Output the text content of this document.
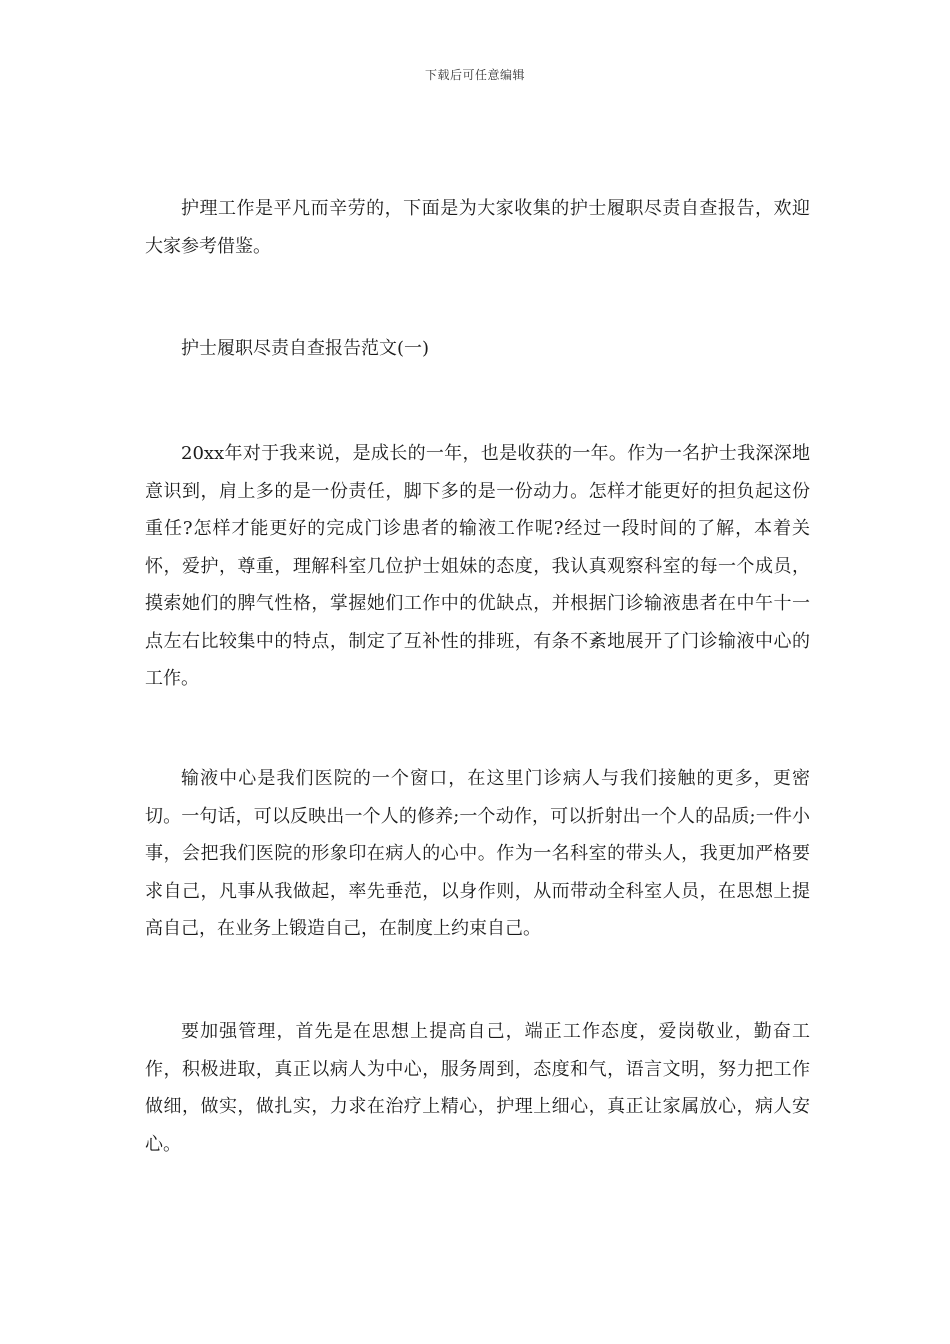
下载后可任意编辑

护理工作是平凡而辛劳的，下面是为大家收集的护士履职尽责自查报告，欢迎大家参考借鉴。

护士履职尽责自查报告范文(一)

20xx年对于我来说，是成长的一年，也是收获的一年。作为一名护士我深深地意识到，肩上多的是一份责任，脚下多的是一份动力。怎样才能更好的担负起这份重任?怎样才能更好的完成门诊患者的输液工作呢?经过一段时间的了解，本着关怀，爱护，尊重，理解科室几位护士姐妹的态度，我认真观察科室的每一个成员，摸索她们的脾气性格，掌握她们工作中的优缺点，并根据门诊输液患者在中午十一点左右比较集中的特点，制定了互补性的排班，有条不紊地展开了门诊输液中心的工作。

输液中心是我们医院的一个窗口，在这里门诊病人与我们接触的更多，更密切。一句话，可以反映出一个人的修养;一个动作，可以折射出一个人的品质;一件小事，会把我们医院的形象印在病人的心中。作为一名科室的带头人，我更加严格要求自己，凡事从我做起，率先垂范，以身作则，从而带动全科室人员，在思想上提高自己，在业务上锻造自己，在制度上约束自己。

要加强管理，首先是在思想上提高自己，端正工作态度，爱岗敬业，勤奋工作，积极进取，真正以病人为中心，服务周到，态度和气，语言文明，努力把工作做细，做实，做扎实，力求在治疗上精心，护理上细心，真正让家属放心，病人安心。
